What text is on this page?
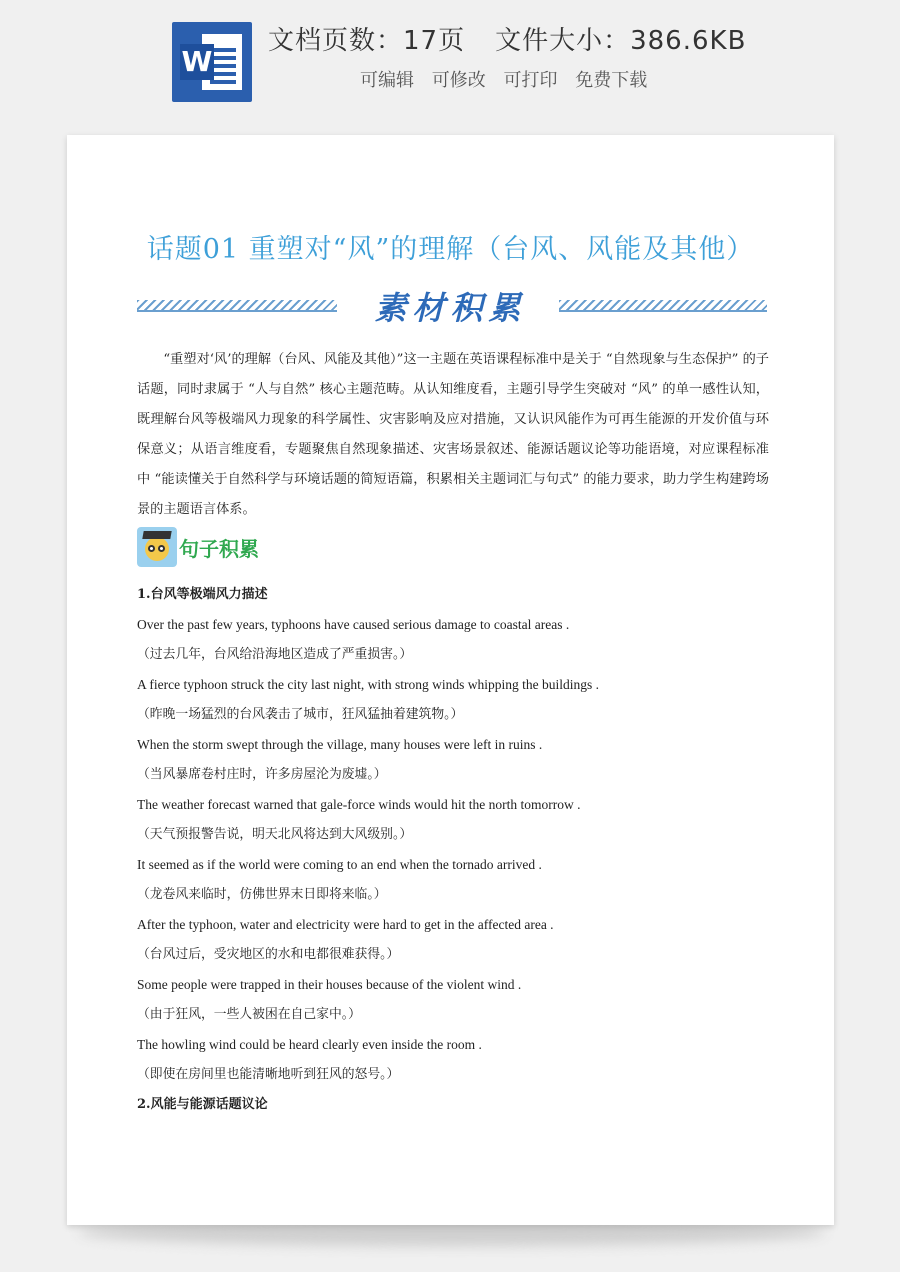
W
文档页数：17页 文件大小：386.6KB
可编辑 可修改 可打印 免费下载
话题01 重塑对“风”的理解（台风、风能及其他）
素材积累
“重塑对‘风’的理解（台风、风能及其他）”这一主题在英语课程标准中是关于 “自然现象与生态保护” 的子话题，同时隶属于 “人与自然” 核心主题范畴。从认知维度看，主题引导学生突破对 “风” 的单一感性认知，既理解台风等极端风力现象的科学属性、灾害影响及应对措施，又认识风能作为可再生能源的开发价值与环保意义；从语言维度看，专题聚焦自然现象描述、灾害场景叙述、能源话题议论等功能语境，对应课程标准中 “能读懂关于自然科学与环境话题的简短语篇，积累相关主题词汇与句式” 的能力要求，助力学生构建跨场景的主题语言体系。
句子积累
1.台风等极端风力描述
Over the past few years, typhoons have caused serious damage to coastal areas .
（过去几年，台风给沿海地区造成了严重损害。）
A fierce typhoon struck the city last night, with strong winds whipping the buildings .
（昨晚一场猛烈的台风袭击了城市，狂风猛抽着建筑物。）
When the storm swept through the village, many houses were left in ruins .
（当风暴席卷村庄时，许多房屋沦为废墟。）
The weather forecast warned that gale-force winds would hit the north tomorrow .
（天气预报警告说，明天北风将达到大风级别。）
It seemed as if the world were coming to an end when the tornado arrived .
（龙卷风来临时，仿佛世界末日即将来临。）
After the typhoon, water and electricity were hard to get in the affected area .
（台风过后，受灾地区的水和电都很难获得。）
Some people were trapped in their houses because of the violent wind .
（由于狂风，一些人被困在自己家中。）
The howling wind could be heard clearly even inside the room .
（即使在房间里也能清晰地听到狂风的怒号。）
2.风能与能源话题议论
